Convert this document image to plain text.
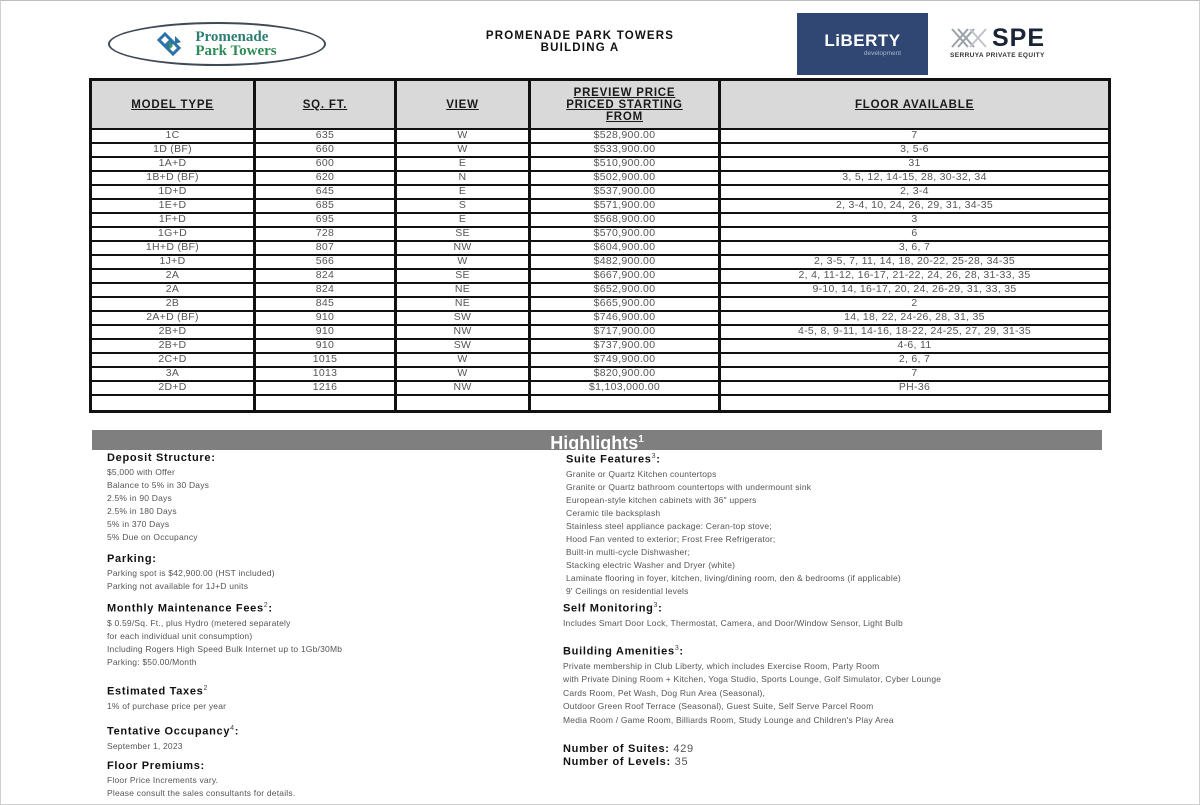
Promenade
Park Towers
PROMENADE PARK TOWERS
BUILDING A	LiBERTY
development
SPE
SERRUYA PRIVATE EQUITY
MODEL TYPE	SQ. FT.	VIEW	PREVIEW PRICE
PRICED STARTING
FROM	FLOOR AVAILABLE
1C	635	W	$528,900.00	7
1D (BF)	660	W	$533,900.00	3, 5-6
1A+D	600	E	$510,900.00	31
1B+D (BF)	620	N	$502,900.00	3, 5, 12, 14-15, 28, 30-32, 34
1D+D	645	E	$537,900.00	2, 3-4
1E+D	685	S	$571,900.00	2, 3-4, 10, 24, 26, 29, 31, 34-35
1F+D	695	E	$568,900.00	3
1G+D	728	SE	$570,900.00	6
1H+D (BF)	807	NW	$604,900.00	3, 6, 7
1J+D	566	W	$482,900.00	2, 3-5, 7, 11, 14, 18, 20-22, 25-28, 34-35
2A	824	SE	$667,900.00	2, 4, 11-12, 16-17, 21-22, 24, 26, 28, 31-33, 35
2A	824	NE	$652,900.00	9-10, 14, 16-17, 20, 24, 26-29, 31, 33, 35
2B	845	NE	$665,900.00	2
2A+D (BF)	910	SW	$746,900.00	14, 18, 22, 24-26, 28, 31, 35
2B+D	910	NW	$717,900.00	4-5, 8, 9-11, 14-16, 18-22, 24-25, 27, 29, 31-35
2B+D	910	SW	$737,900.00	4-6, 11
2C+D	1015	W	$749,900.00	2, 6, 7
3A	1013	W	$820,900.00	7
2D+D	1216	NW	$1,103,000.00	PH-36

Highlights$^1$
Deposit Structure:
$5,000 with Offer
Balance to 5% in 30 Days
2.5% in 90 Days
2.5% in 180 Days
5% in 370 Days
5% Due on Occupancy
Parking:
Parking spot is $42,900.00 (HST included)
Parking not available for 1J+D units
Monthly Maintenance Fees$^2$:
$ 0.59/Sq. Ft., plus Hydro (metered separately
for each individual unit consumption)
Including Rogers High Speed Bulk Internet up to 1Gb/30Mb
Parking: $50.00/Month
Estimated Taxes$^2$
1% of purchase price per year
Tentative Occupancy$^4$:
September 1, 2023
Floor Premiums:
Floor Price Increments vary.
Please consult the sales consultants for details.
Suite Features$^3$:
Granite or Quartz Kitchen countertops
Granite or Quartz bathroom countertops with undermount sink
European-style kitchen cabinets with 36" uppers
Ceramic tile backsplash
Stainless steel appliance package: Ceran-top stove;
Hood Fan vented to exterior; Frost Free Refrigerator;
Built-in multi-cycle Dishwasher;
Stacking electric Washer and Dryer (white)
Laminate flooring in foyer, kitchen, living/dining room, den & bedrooms (if applicable)
9' Ceilings on residential levels
Self Monitoring$^3$:
Includes Smart Door Lock, Thermostat, Camera, and Door/Window Sensor, Light Bulb
Building Amenities$^3$:
Private membership in Club Liberty, which includes Exercise Room, Party Room
with Private Dining Room + Kitchen, Yoga Studio, Sports Lounge, Golf Simulator, Cyber Lounge
Cards Room, Pet Wash, Dog Run Area (Seasonal),
Outdoor Green Roof Terrace (Seasonal), Guest Suite, Self Serve Parcel Room
Media Room / Game Room, Billiards Room, Study Lounge and Children's Play Area
Number of Suites: 429
Number of Levels: 35
